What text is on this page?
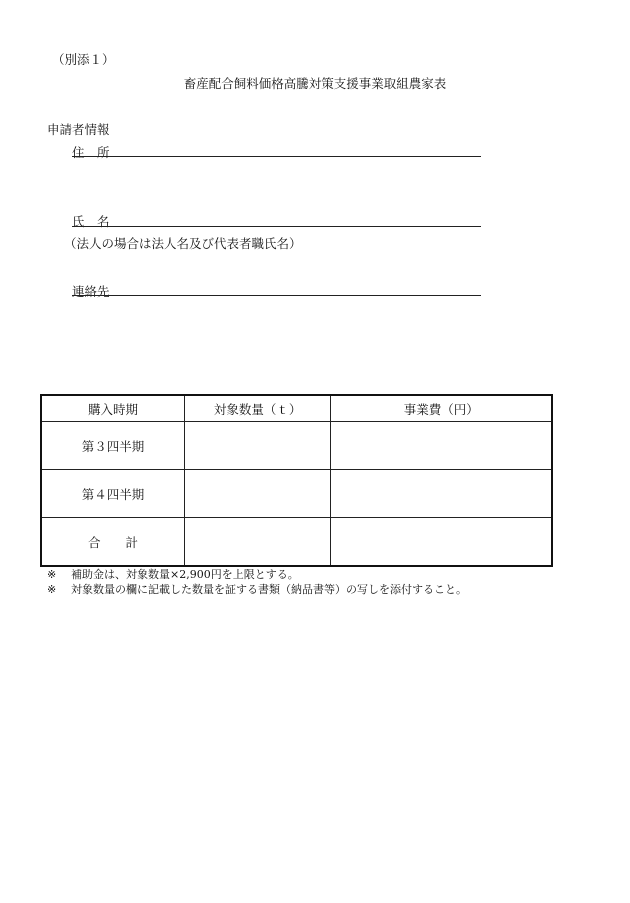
（別添１）
畜産配合飼料価格高騰対策支援事業取組農家表
申請者情報
住　所
氏　名
（法人の場合は法人名及び代表者職氏名）
連絡先
購入時期	対象数量（ｔ）	事業費（円）
第３四半期		
第４四半期		
合　　計		
※ 補助金は、対象数量×2,900円を上限とする。
※ 対象数量の欄に記載した数量を証する書類（納品書等）の写しを添付すること。
